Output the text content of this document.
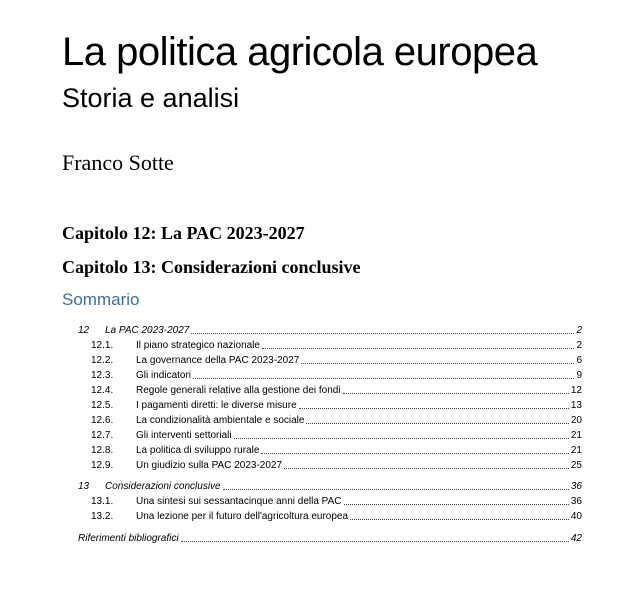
La politica agricola europea
Storia e analisi

Franco Sotte

Capitolo 12: La PAC 2023-2027

Capitolo 13: Considerazioni conclusive

Sommario

12	La PAC 2023-2027	2
12.1.	Il piano strategico nazionale	2
12.2.	La governance della PAC 2023-2027	6
12.3.	Gli indicatori	9
12.4.	Regole generali relative alla gestione dei fondi	12
12.5.	I pagamenti diretti: le diverse misure	13
12.6.	La condizionalità ambientale e sociale	20
12.7.	Gli interventi settoriali	21
12.8.	La politica di sviluppo rurale	21
12.9.	Un giudizio sulla PAC 2023-2027	25
13	Considerazioni conclusive	36
13.1.	Una sintesi sui sessantacinque anni della PAC	36
13.2.	Una lezione per il futuro dell'agricoltura europea	40
Riferimenti bibliografici	42
